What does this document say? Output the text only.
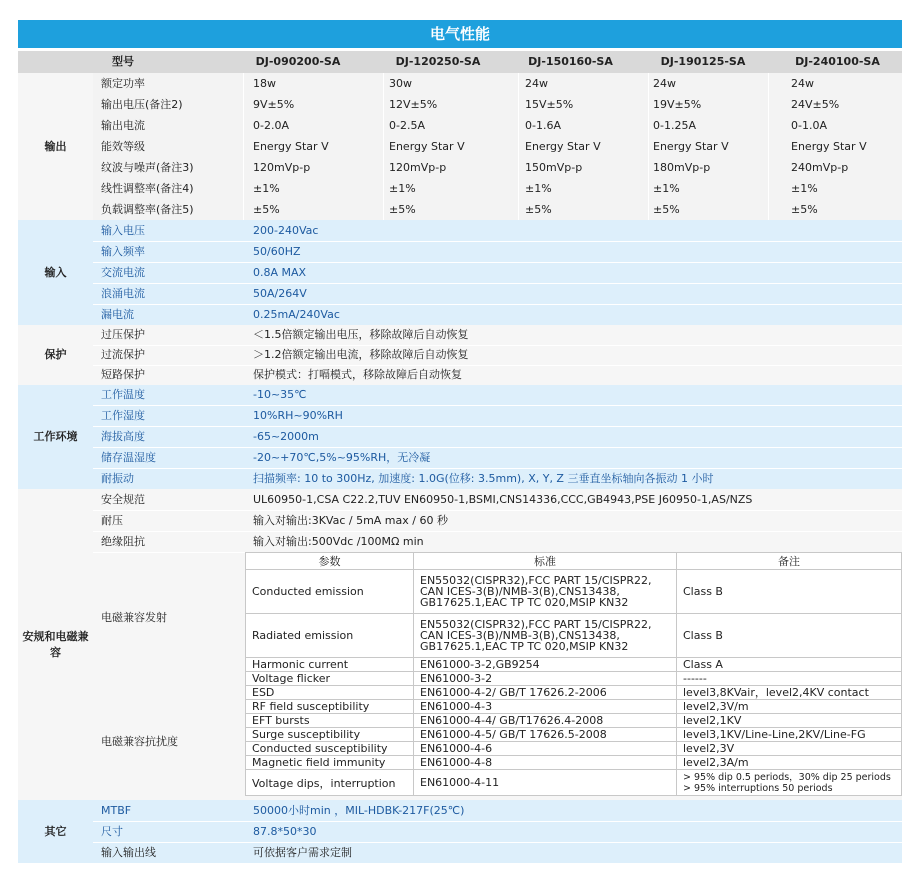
电气性能
型号	DJ-090200-SA	DJ-120250-SA	DJ-150160-SA	DJ-190125-SA	DJ-240100-SA
输出
额定功率	18w	30w	24w	24w	24w
输出电压(备注2)	9V±5%	12V±5%	15V±5%	19V±5%	24V±5%
输出电流	0-2.0A	0-2.5A	0-1.6A	0-1.25A	0-1.0A
能效等级	Energy Star V	Energy Star V	Energy Star V	Energy Star V	Energy Star V
纹波与噪声(备注3)	120mVp-p	120mVp-p	150mVp-p	180mVp-p	240mVp-p
线性调整率(备注4)	±1%	±1%	±1%	±1%	±1%
负载调整率(备注5)	±5%	±5%	±5%	±5%	±5%
输入
输入电压	200-240Vac
输入频率	50/60HZ
交流电流	0.8A MAX
浪涌电流	50A/264V
漏电流	0.25mA/240Vac
保护
过压保护	＜1.5倍额定输出电压，移除故障后自动恢复
过流保护	＞1.2倍额定输出电流，移除故障后自动恢复
短路保护	保护模式：打嗝模式，移除故障后自动恢复
工作环境
工作温度	-10~35℃
工作湿度	10%RH~90%RH
海拔高度	-65~2000m
储存温湿度	-20~+70℃,5%~95%RH，无冷凝
耐振动	扫描频率: 10 to 300Hz, 加速度: 1.0G(位移: 3.5mm), X, Y, Z 三垂直坐标轴向各振动 1 小时
安规和电磁兼容
安全规范	UL60950-1,CSA C22.2,TUV EN60950-1,BSMI,CNS14336,CCC,GB4943,PSE J60950-1,AS/NZS
耐压	输入对输出:3KVac / 5mA max / 60 秒
绝缘阻抗	输入对输出:500Vdc /100MΩ min
电磁兼容发射
电磁兼容抗扰度
参数	标准	备注
Conducted emission	EN55032(CISPR32),FCC PART 15/CISPR22,
CAN ICES-3(B)/NMB-3(B),CNS13438,
GB17625.1,EAC TP TC 020,MSIP KN32	Class B
Radiated emission	EN55032(CISPR32),FCC PART 15/CISPR22,
CAN ICES-3(B)/NMB-3(B),CNS13438,
GB17625.1,EAC TP TC 020,MSIP KN32	Class B
Harmonic current	EN61000-3-2,GB9254	Class A
Voltage flicker	EN61000-3-2	------
ESD	EN61000-4-2/ GB/T 17626.2-2006	level3,8KVair，level2,4KV contact
RF field susceptibility	EN61000-4-3	level2,3V/m
EFT bursts	EN61000-4-4/ GB/T17626.4-2008	level2,1KV
Surge susceptibility	EN61000-4-5/ GB/T 17626.5-2008	level3,1KV/Line-Line,2KV/Line-FG
Conducted susceptibility	EN61000-4-6	level2,3V
Magnetic field immunity	EN61000-4-8	level2,3A/m
Voltage dips，interruption	EN61000-4-11	> 95% dip 0.5 periods，30% dip 25 periods
> 95% interruptions 50 periods
其它
MTBF	50000小时min ，MIL-HDBK-217F(25℃)
尺寸	87.8*50*30
输入输出线	可依据客户需求定制
